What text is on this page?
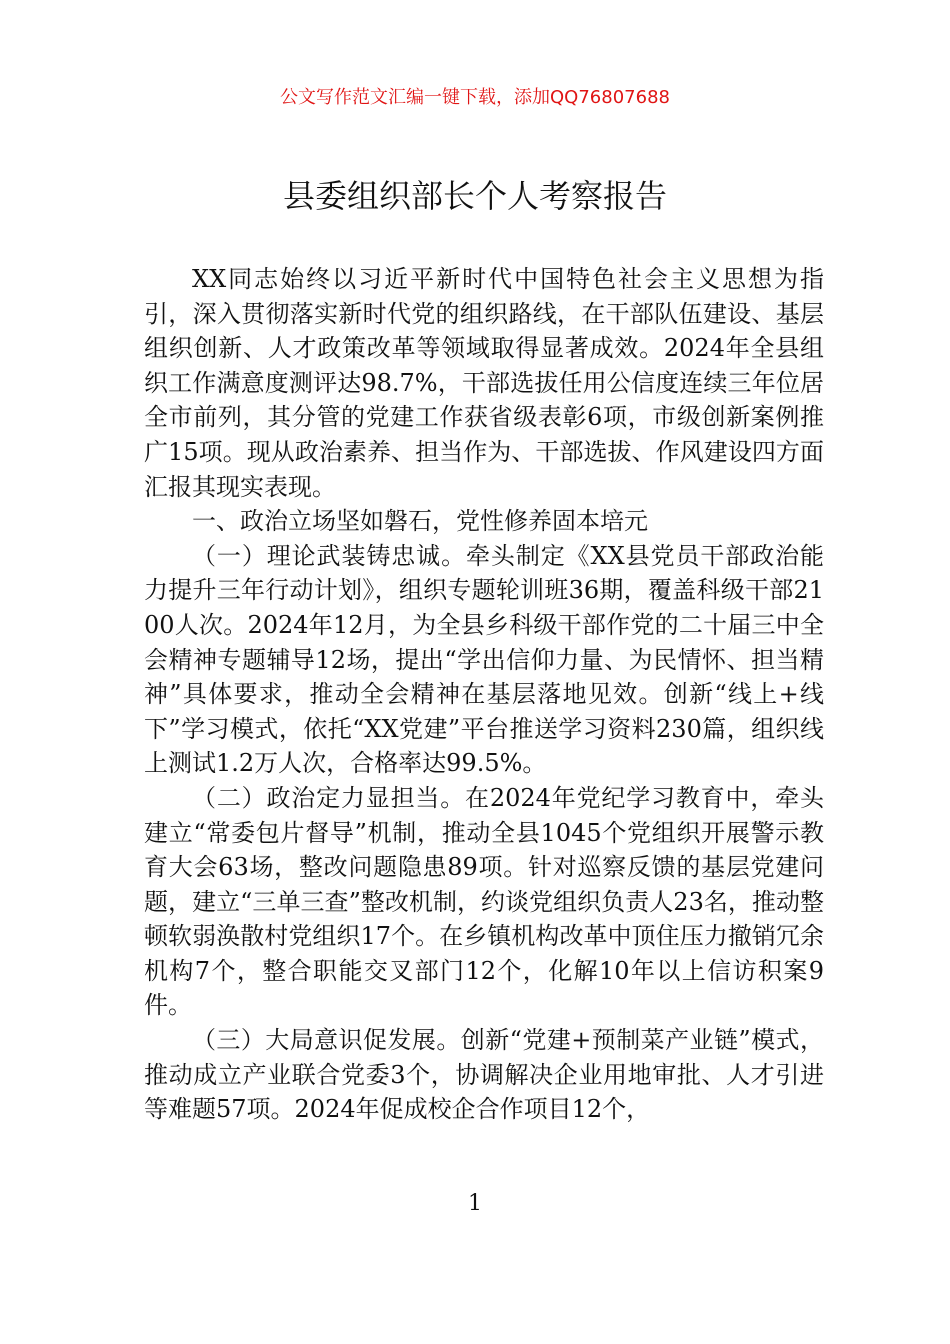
公文写作范文汇编一键下载，添加QQ76807688
县委组织部长个人考察报告

XX同志始终以习近平新时代中国特色社会主义思想为指引，深入贯彻落实新时代党的组织路线，在干部队伍建设、基层组织创新、人才政策改革等领域取得显著成效。2024年全县组织工作满意度测评达98.7%，干部选拔任用公信度连续三年位居全市前列，其分管的党建工作获省级表彰6项，市级创新案例推广15项。现从政治素养、担当作为、干部选拔、作风建设四方面汇报其现实表现。

一、政治立场坚如磐石，党性修养固本培元

（一）理论武装铸忠诚。牵头制定《XX县党员干部政治能力提升三年行动计划》，组织专题轮训班36期，覆盖科级干部2100人次。2024年12月，为全县乡科级干部作党的二十届三中全会精神专题辅导12场，提出“学出信仰力量、为民情怀、担当精神”具体要求，推动全会精神在基层落地见效。创新“线上+线下”学习模式，依托“XX党建”平台推送学习资料230篇，组织线上测试1.2万人次，合格率达99.5%。

（二）政治定力显担当。在2024年党纪学习教育中，牵头建立“常委包片督导”机制，推动全县1045个党组织开展警示教育大会63场，整改问题隐患89项。针对巡察反馈的基层党建问题，建立“三单三查”整改机制，约谈党组织负责人23名，推动整顿软弱涣散村党组织17个。在乡镇机构改革中顶住压力撤销冗余机构7个，整合职能交叉部门12个，化解10年以上信访积案9件。

（三）大局意识促发展。创新“党建+预制菜产业链”模式，推动成立产业联合党委3个，协调解决企业用地审批、人才引进等难题57项。2024年促成校企合作项目12个，

1
